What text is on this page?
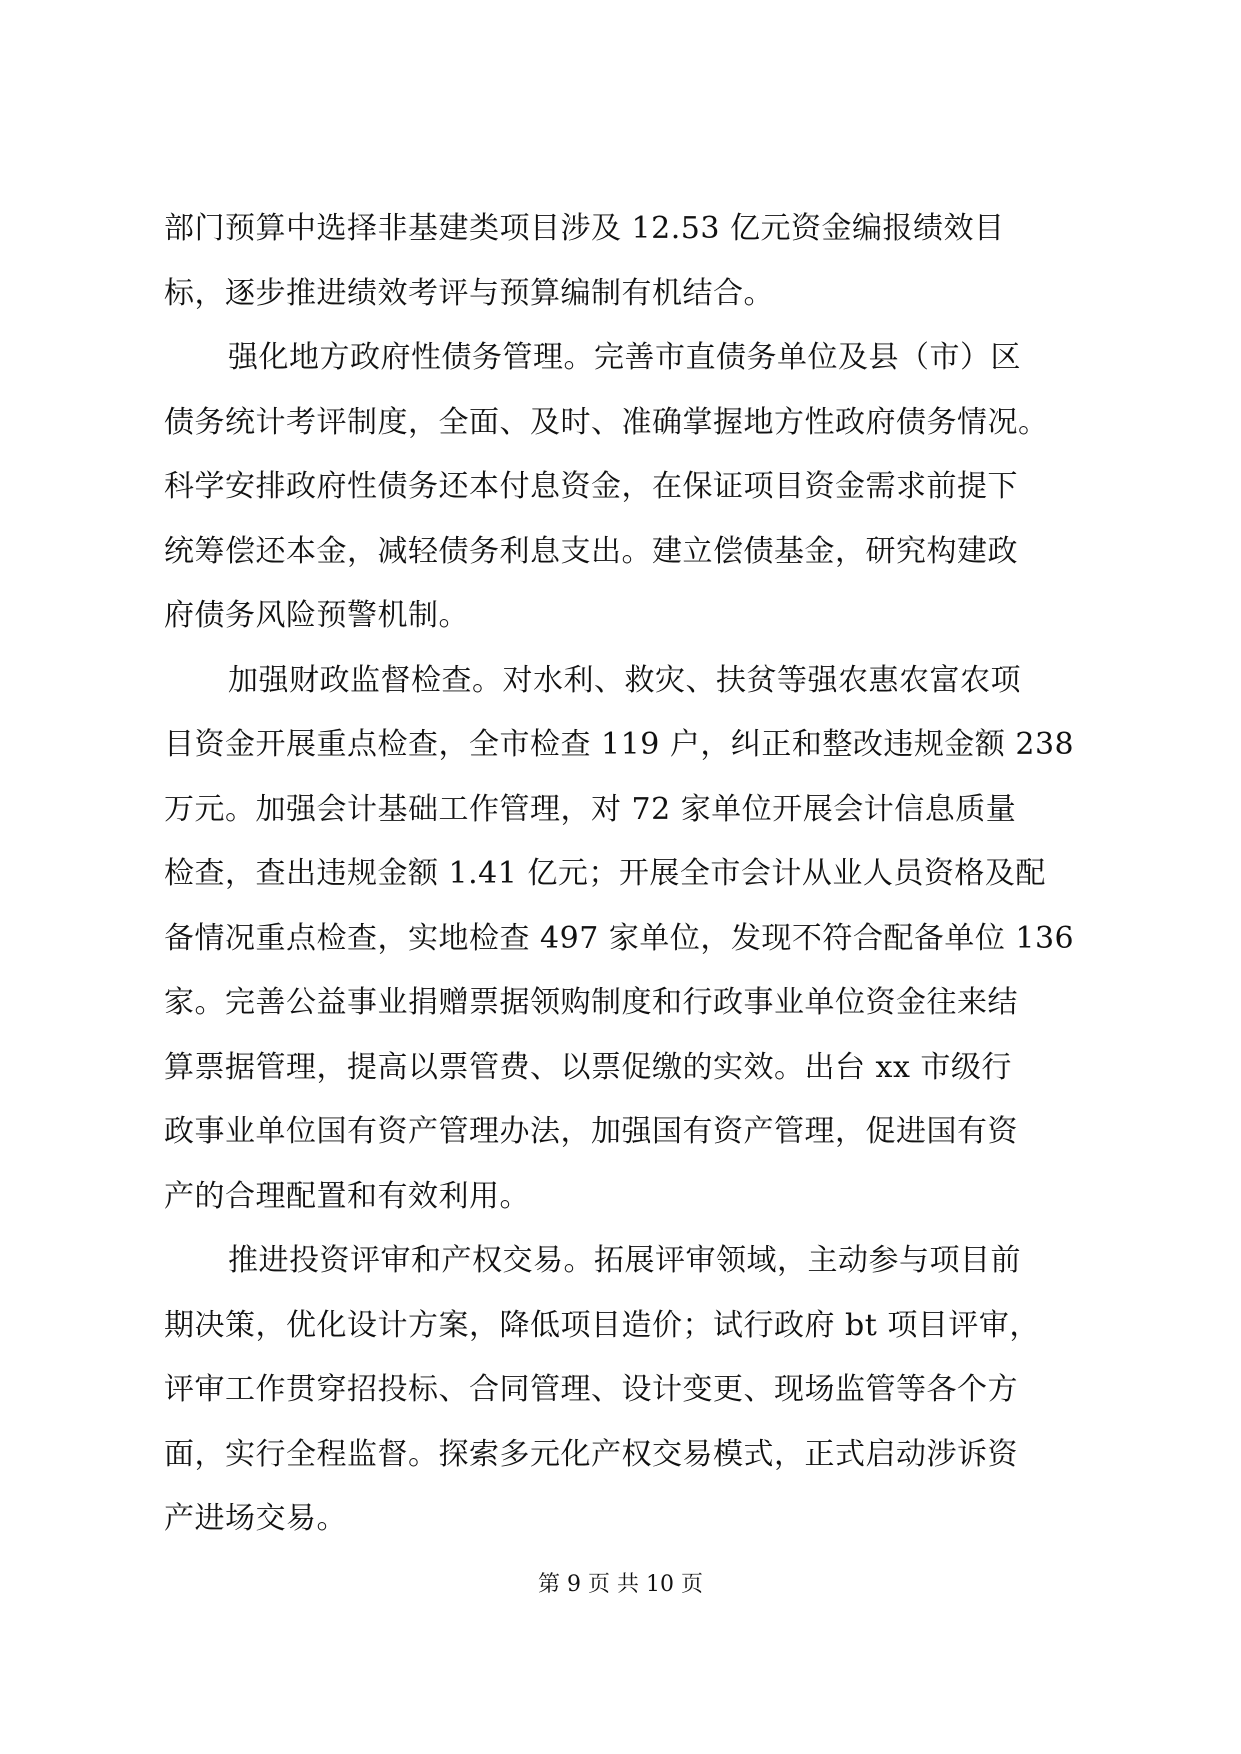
部门预算中选择非基建类项目涉及 12.53 亿元资金编报绩效目
标，逐步推进绩效考评与预算编制有机结合。
强化地方政府性债务管理。完善市直债务单位及县（市）区
债务统计考评制度，全面、及时、准确掌握地方性政府债务情况。
科学安排政府性债务还本付息资金，在保证项目资金需求前提下
统筹偿还本金，减轻债务利息支出。建立偿债基金，研究构建政
府债务风险预警机制。
加强财政监督检查。对水利、救灾、扶贫等强农惠农富农项
目资金开展重点检查，全市检查 119 户，纠正和整改违规金额 238
万元。加强会计基础工作管理，对 72 家单位开展会计信息质量
检查，查出违规金额 1.41 亿元；开展全市会计从业人员资格及配
备情况重点检查，实地检查 497 家单位，发现不符合配备单位 136
家。完善公益事业捐赠票据领购制度和行政事业单位资金往来结
算票据管理，提高以票管费、以票促缴的实效。出台 xx 市级行
政事业单位国有资产管理办法，加强国有资产管理，促进国有资
产的合理配置和有效利用。
推进投资评审和产权交易。拓展评审领域，主动参与项目前
期决策，优化设计方案，降低项目造价；试行政府 bt 项目评审，
评审工作贯穿招投标、合同管理、设计变更、现场监管等各个方
面，实行全程监督。探索多元化产权交易模式，正式启动涉诉资
产进场交易。
第 9 页 共 10 页
